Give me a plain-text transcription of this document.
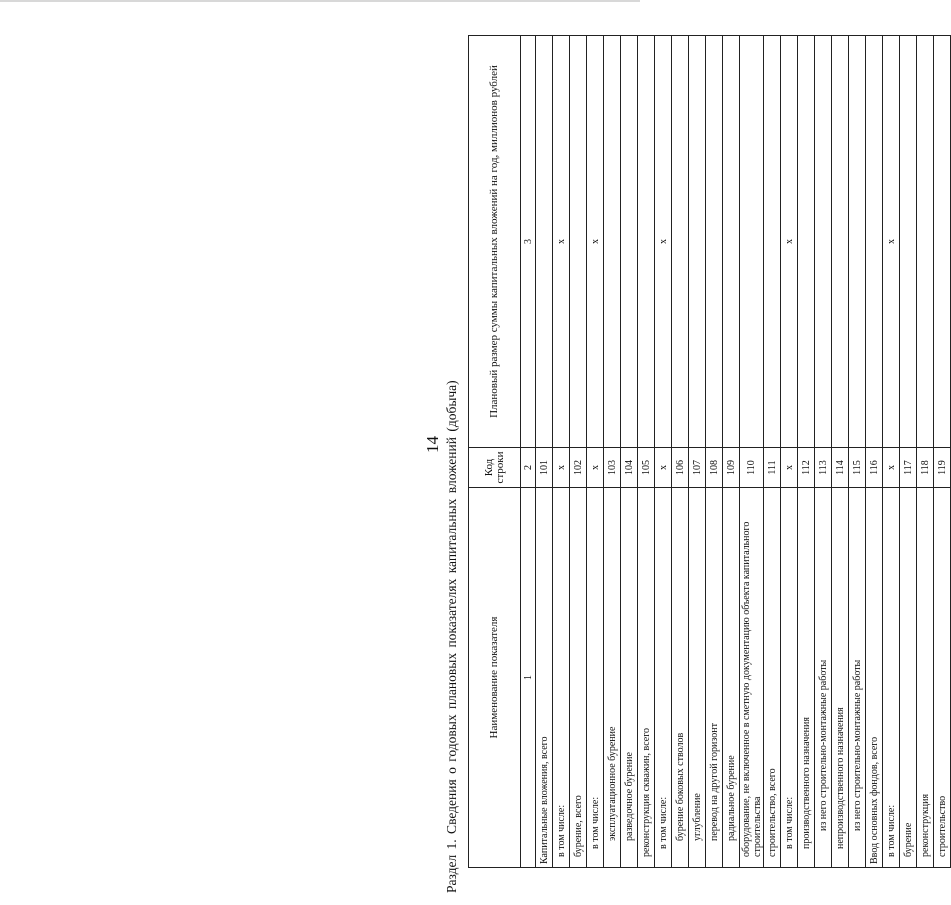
14 Раздел 1. Сведения о годовых плановых показателях капитальных вложений (добыча)	Наименование показателя	Код строки	Плановый размер суммы капитальных вложений на год, миллионов рублей
1	2	3
Капитальные вложения, всего	101	
в том числе:	x	x
бурение, всего	102	
в том числе:	x	x
эксплуатационное бурение	103	
разведочное бурение	104	
реконструкция скважин, всего	105	
в том числе:	x	x
бурение боковых стволов	106	
углубление	107	
перевод на другой горизонт	108	
радиальное бурение	109	
оборудование, не включенное в сметную документацию объекта капитального строительства	110	
строительство, всего	111	
в том числе:	x	x
производственного назначения	112	
из него строительно-монтажные работы	113	
непроизводственного назначения	114	
из него строительно-монтажные работы	115	
Ввод основных фондов, всего	116	
в том числе:	x	x
бурение	117	
реконструкция	118	
строительство	119	
